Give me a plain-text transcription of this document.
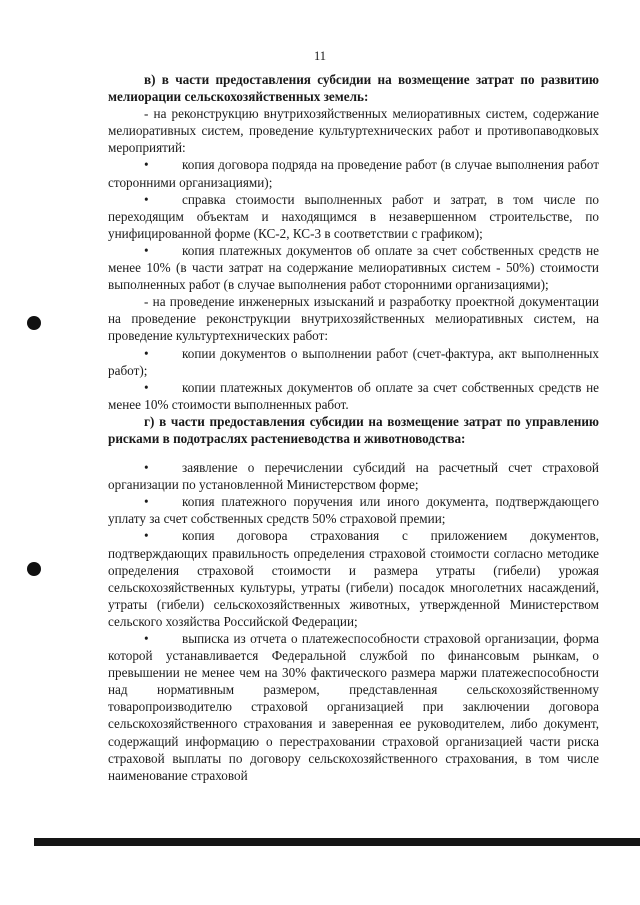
11

в) в части предоставления субсидии на возмещение затрат по развитию мелиорации сельскохозяйственных земель:

- на реконструкцию внутрихозяйственных мелиоративных систем, содержание мелиоративных систем, проведение культуртехнических работ и противопаводковых мероприятий:

•	копия договора подряда на проведение работ (в случае выполнения работ сторонними организациями);

•	справка стоимости выполненных работ и затрат, в том числе по переходящим объектам и находящимся в незавершенном строительстве, по унифицированной форме (КС-2, КС-3 в соответствии с графиком);

•	копия платежных документов об оплате за счет собственных средств не менее 10% (в части затрат на содержание мелиоративных систем - 50%) стоимости выполненных работ (в случае выполнения работ сторонними организациями);

- на проведение инженерных изысканий и разработку проектной документации на проведение реконструкции внутрихозяйственных мелиоративных систем, на проведение культуртехнических работ:

•	копии документов о выполнении работ (счет-фактура, акт выполненных работ);

•	копии платежных документов об оплате за счет собственных средств не менее 10% стоимости выполненных работ.

г) в части предоставления субсидии на возмещение затрат по управлению рисками в подотраслях растениеводства и животноводства:

•	заявление о перечислении субсидий на расчетный счет страховой организации по установленной Министерством форме;

•	копия платежного поручения или иного документа, подтверждающего уплату за счет собственных средств 50% страховой премии;

•	копия договора страхования с приложением документов, подтверждающих правильность определения страховой стоимости согласно методике определения страховой стоимости и размера утраты (гибели) урожая сельскохозяйственных культуры, утраты (гибели) посадок многолетних насаждений, утраты (гибели) сельскохозяйственных животных, утвержденной Министерством сельского хозяйства Российской Федерации;

•	выписка из отчета о платежеспособности страховой организации, форма которой устанавливается Федеральной службой по финансовым рынкам, о превышении не менее чем на 30% фактического размера маржи платежеспособности над нормативным размером, представленная сельскохозяйственному товаропроизводителю страховой организацией при заключении договора сельскохозяйственного страхования и заверенная ее руководителем, либо документ, содержащий информацию о перестраховании страховой организацией части риска страховой выплаты по договору сельскохозяйственного страхования, в том числе наименование страховой
